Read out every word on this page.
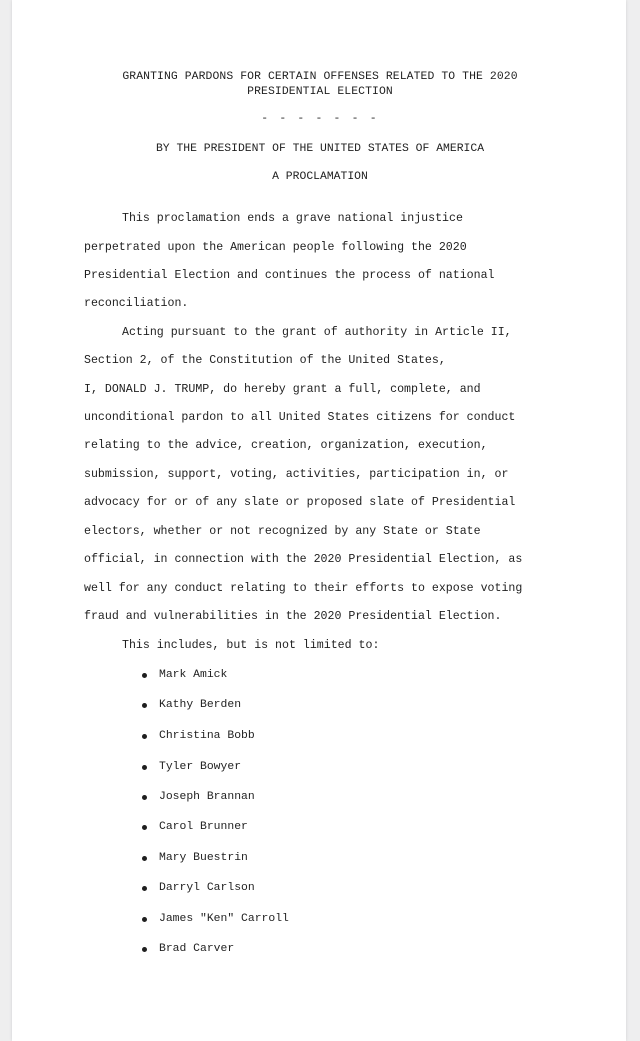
GRANTING PARDONS FOR CERTAIN OFFENSES RELATED TO THE 2020
PRESIDENTIAL ELECTION
- - - - - - -
BY THE PRESIDENT OF THE UNITED STATES OF AMERICA
A PROCLAMATION
This proclamation ends a grave national injustice
perpetrated upon the American people following the 2020
Presidential Election and continues the process of national
reconciliation.
Acting pursuant to the grant of authority in Article II,
Section 2, of the Constitution of the United States,
I, DONALD J. TRUMP, do hereby grant a full, complete, and
unconditional pardon to all United States citizens for conduct
relating to the advice, creation, organization, execution,
submission, support, voting, activities, participation in, or
advocacy for or of any slate or proposed slate of Presidential
electors, whether or not recognized by any State or State
official, in connection with the 2020 Presidential Election, as
well for any conduct relating to their efforts to expose voting
fraud and vulnerabilities in the 2020 Presidential Election.
This includes, but is not limited to:

Mark Amick

Kathy Berden

Christina Bobb

Tyler Bowyer

Joseph Brannan

Carol Brunner

Mary Buestrin

Darryl Carlson

James "Ken" Carroll

Brad Carver
